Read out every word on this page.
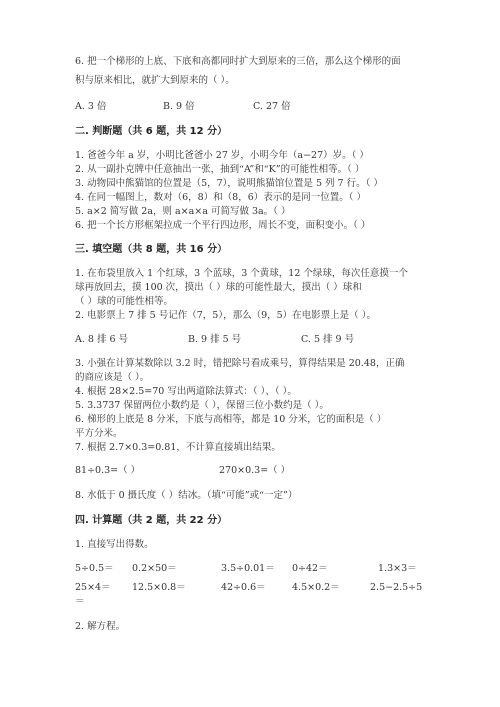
6. 把一个梯形的上底、下底和高都同时扩大到原来的三倍，那么这个梯形的面

积与原来相比，就扩大到原来的（ ）。

A. 3 倍	B. 9 倍	C. 27 倍

二. 判断题（共 6 题，共 12 分）

1. 爸爸今年 a 岁，小明比爸爸小 27 岁，小明今年（a−27）岁。（ ）

2. 从一副扑克牌中任意抽出一张，抽到“A”和“K”的可能性相等。（ ）

3. 动物园中熊猫馆的位置是（5，7），说明熊猫馆位置是 5 列 7 行。（ ）

4. 在同一幅图上，数对（6，8）和（8，6）表示的是同一位置。（ ）

5. a×2 简写做 2a，则 a×a×a 可简写做 3a。（ ）

6. 把一个长方形框架拉成一个平行四边形，周长不变，面积变小。（ ）

三. 填空题（共 8 题，共 16 分）

1. 在布袋里放入 1 个红球，3 个蓝球，3 个黄球，12 个绿球，每次任意摸一个

球再放回去，摸 100 次，摸出（ ）球的可能性最大，摸出（ ）球和

（ ）球的可能性相等。

2. 电影票上 7 排 5 号记作（7，5），那么（9，5）在电影票上是（ ）。

A. 8 排 6 号	B. 9 排 5 号	C. 5 排 9 号

3. 小强在计算某数除以 3.2 时，错把除号看成乘号，算得结果是 20.48，正确

的商应该是（ ）。

4. 根据 28×2.5=70 写出两道除法算式：（ ）、（ ）。

5. 3.3737 保留两位小数约是（ ），保留三位小数约是（ ）。

6. 梯形的上底是 8 分米，下底与高相等，都是 10 分米，它的面积是（ ）

平方分米。

7. 根据 2.7×0.3=0.81，不计算直接填出结果。

81÷0.3=（ ）	270×0.3=（ ）

8. 水低于 0 摄氏度（ ）结冰。（填“可能”或“一定”）

四. 计算题（共 2 题，共 22 分）

1. 直接写出得数。

5÷0.5＝ 0.2×50＝	3.5÷0.01＝ 0÷42＝	1.3×3＝
25×4＝ 12.5×0.8＝	42÷0.6＝	4.5×0.2＝	2.5−2.5÷5
＝

2. 解方程。
